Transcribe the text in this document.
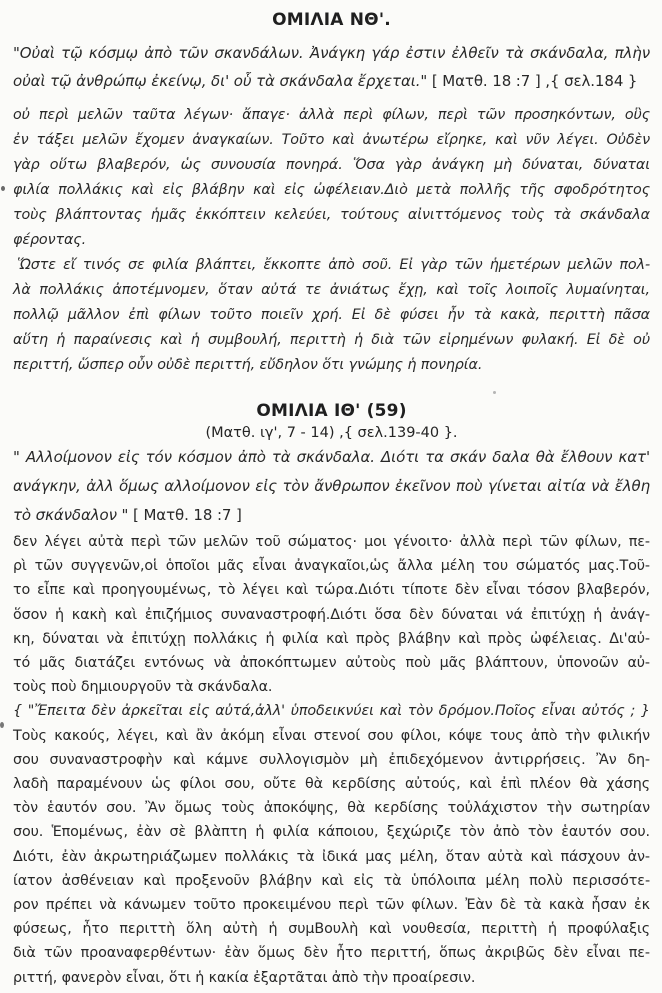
ΟΜΙΛΙΑ ΝΘ'.
"Οὐαὶ τῷ κόσμῳ ἀπὸ τῶν σκανδάλων. Ἀνάγκη γάρ ἐστιν ἐλθεῖν τὰ σκάνδαλα, πλὴν
οὐαὶ τῷ ἀνθρώπῳ ἐκείνῳ, δι' οὗ τὰ σκάνδαλα ἔρχεται." [ Ματθ. 18 :7 ] ,{ σελ.184 }
οὐ περὶ μελῶν ταῦτα λέγων· ἄπαγε· ἀλλὰ περὶ φίλων, περὶ τῶν προσηκόντων, οὓς
ἐν τάξει μελῶν ἔχομεν ἀναγκαίων. Τοῦτο καὶ ἀνωτέρω εἴρηκε, καὶ νῦν λέγει. Οὐδὲν
γὰρ οὕτω βλαβερόν, ὡς συνουσία πονηρά. Ὅσα γὰρ ἀνάγκη μὴ δύναται, δύναται
φιλία πολλάκις καὶ εἰς βλάβην καὶ εἰς ὠφέλειαν.Διὸ μετὰ πολλῆς τῆς σφοδρότητος
τοὺς βλάπτοντας ἡμᾶς ἐκκόπτειν κελεύει, τούτους αἰνιττόμενος τοὺς τὰ σκάνδαλα
φέροντας.
Ὥστε εἴ τινός σε φιλία βλάπτει, ἔκκοπτε ἀπὸ σοῦ. Εἰ γὰρ τῶν ἡμετέρων μελῶν πολ-
λὰ πολλάκις ἀποτέμνομεν, ὅταν αὐτά τε ἀνιάτως ἔχῃ, καὶ τοῖς λοιποῖς λυμαίνηται,
πολλῷ μᾶλλον ἐπὶ φίλων τοῦτο ποιεῖν χρή. Εἰ δὲ φύσει ἦν τὰ κακὰ, περιττὴ πᾶσα
αὕτη ἡ παραίνεσις καὶ ἡ συμβουλή, περιττὴ ἡ διὰ τῶν εἰρημένων φυλακή. Εἰ δὲ οὐ
περιττή, ὥσπερ οὖν οὐδὲ περιττή, εὔδηλον ὅτι γνώμης ἡ πονηρία.
ΟΜΙΛΙΑ ΙΘ' (59)
(Ματθ. ιγ', 7 - 14) ,{ σελ.139-40 }.
" Αλλοίμονον εἰς τόν κόσμον ἀπὸ τὰ σκάνδαλα. Διότι τα σκάν δαλα θὰ ἔλθουν κατ'
ανάγκην, ἀλλ ὅμως αλλοίμονον εἰς τὸν ἄνθρωπον ἐκεῖνον ποὺ γίνεται αἰτία νὰ ἔλθη
τὸ σκάνδαλον " [ Ματθ. 18 :7 ]
δεν λέγει αὐτὰ περὶ τῶν μελῶν τοῦ σώματος· μοι γένοιτο· ἀλλὰ περὶ τῶν φίλων, πε-
ρὶ τῶν συγγενῶν,οἱ ὁποῖοι μᾶς εἶναι ἀναγκαῖοι,ὡς ἄλλα μέλη του σώματός μας.Τοῦ-
το εἶπε καὶ προηγουμένως, τὸ λέγει καὶ τώρα.Διότι τίποτε δὲν εἶναι τόσον βλαβερόν,
ὅσον ἡ κακὴ καὶ ἐπιζήμιος συναναστροφή.Διότι ὅσα δὲν δύναται νά ἐπιτύχῃ ἡ ἀνάγ-
κη, δύναται νὰ ἐπιτύχῃ πολλάκις ἡ φιλία καὶ πρὸς βλάβην καὶ πρὸς ὠφέλειας. Δι'αὐ-
τό μᾶς διατάζει εντόνως νὰ ἀποκόπτωμεν αὐτοὺς ποὺ μᾶς βλάπτουν, ὑπονοῶν αὐ-
τοὺς ποὺ δημιουργοῦν τὰ σκάνδαλα.
{ "Ἔπειτα δὲν ἀρκεῖται εἰς αὐτά,ἀλλ' ὑποδεικνύει καὶ τὸν δρόμον.Ποῖος εἶναι αὐτός ; }
Τοὺς κακούς, λέγει, καὶ ἂν ἀκόμη εἶναι στενοί σου φίλοι, κόψε τους ἀπὸ τὴν φιλικήν
σου συναναστροφὴν καὶ κάμνε συλλογισμὸν μὴ ἐπιδεχόμενον ἀντιρρήσεις. Ἂν δη-
λαδὴ παραμένουν ὡς φίλοι σου, οὔτε θὰ κερδίσης αὐτούς, καὶ ἐπὶ πλέον θὰ χάσης
τὸν ἑαυτόν σου. Ἂν ὅμως τοὺς ἀποκόψης, θὰ κερδίσης τοὐλάχιστον τὴν σωτηρίαν
σου. Ἑπομένως, ἐὰν σὲ βλὰπτη ἡ φιλία κάποιου, ξεχώριζε τὸν ἀπὸ τὸν ἑαυτόν σου.
Διότι, ἐὰν ἀκρωτηριάζωμεν πολλάκις τὰ ἰδικά μας μέλη, ὅταν αὐτὰ καὶ πάσχουν ἀν-
ίατον ἀσθένειαν καὶ προξενοῦν βλάβην καὶ εἰς τὰ ὑπόλοιπα μέλη πολὺ περισσότε-
ρον πρέπει νὰ κάνωμεν τοῦτο προκειμένου περὶ τῶν φίλων. Ἐὰν δὲ τὰ κακὰ ἦσαν ἐκ
φύσεως, ἦτο περιττὴ ὅλη αὐτὴ ἡ συμΒουλὴ καὶ νουθεσία, περιττὴ ἡ προφύλαξις
διὰ τῶν προαναφερθέντων· ἐὰν ὅμως δὲν ἦτο περιττή, ὅπως ἀκριβῶς δὲν εἶναι πε-
ριττή, φανερὸν εἶναι, ὅτι ἡ κακία ἐξαρτᾶται ἀπὸ τὴν προαίρεσιν.
